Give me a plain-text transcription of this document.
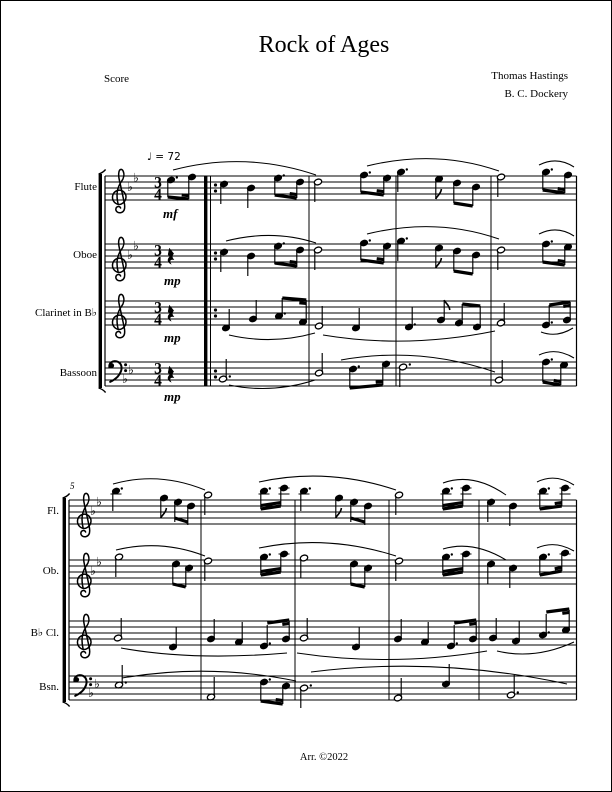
♭
♭ 3
4
♭
♭ 3
4
3
4
♭
♭ 3
4
♭
♭
♭
♭
♭
♭
Rock of Ages
Score	Thomas Hastings
B. C. Dockery
♩ = 72
5
Arr. ©2022
Flute
Oboe
Clarinet in B♭
Bassoon
Fl.
Ob.
B♭ Cl.
Bsn.
mf
mp
mp
mp
